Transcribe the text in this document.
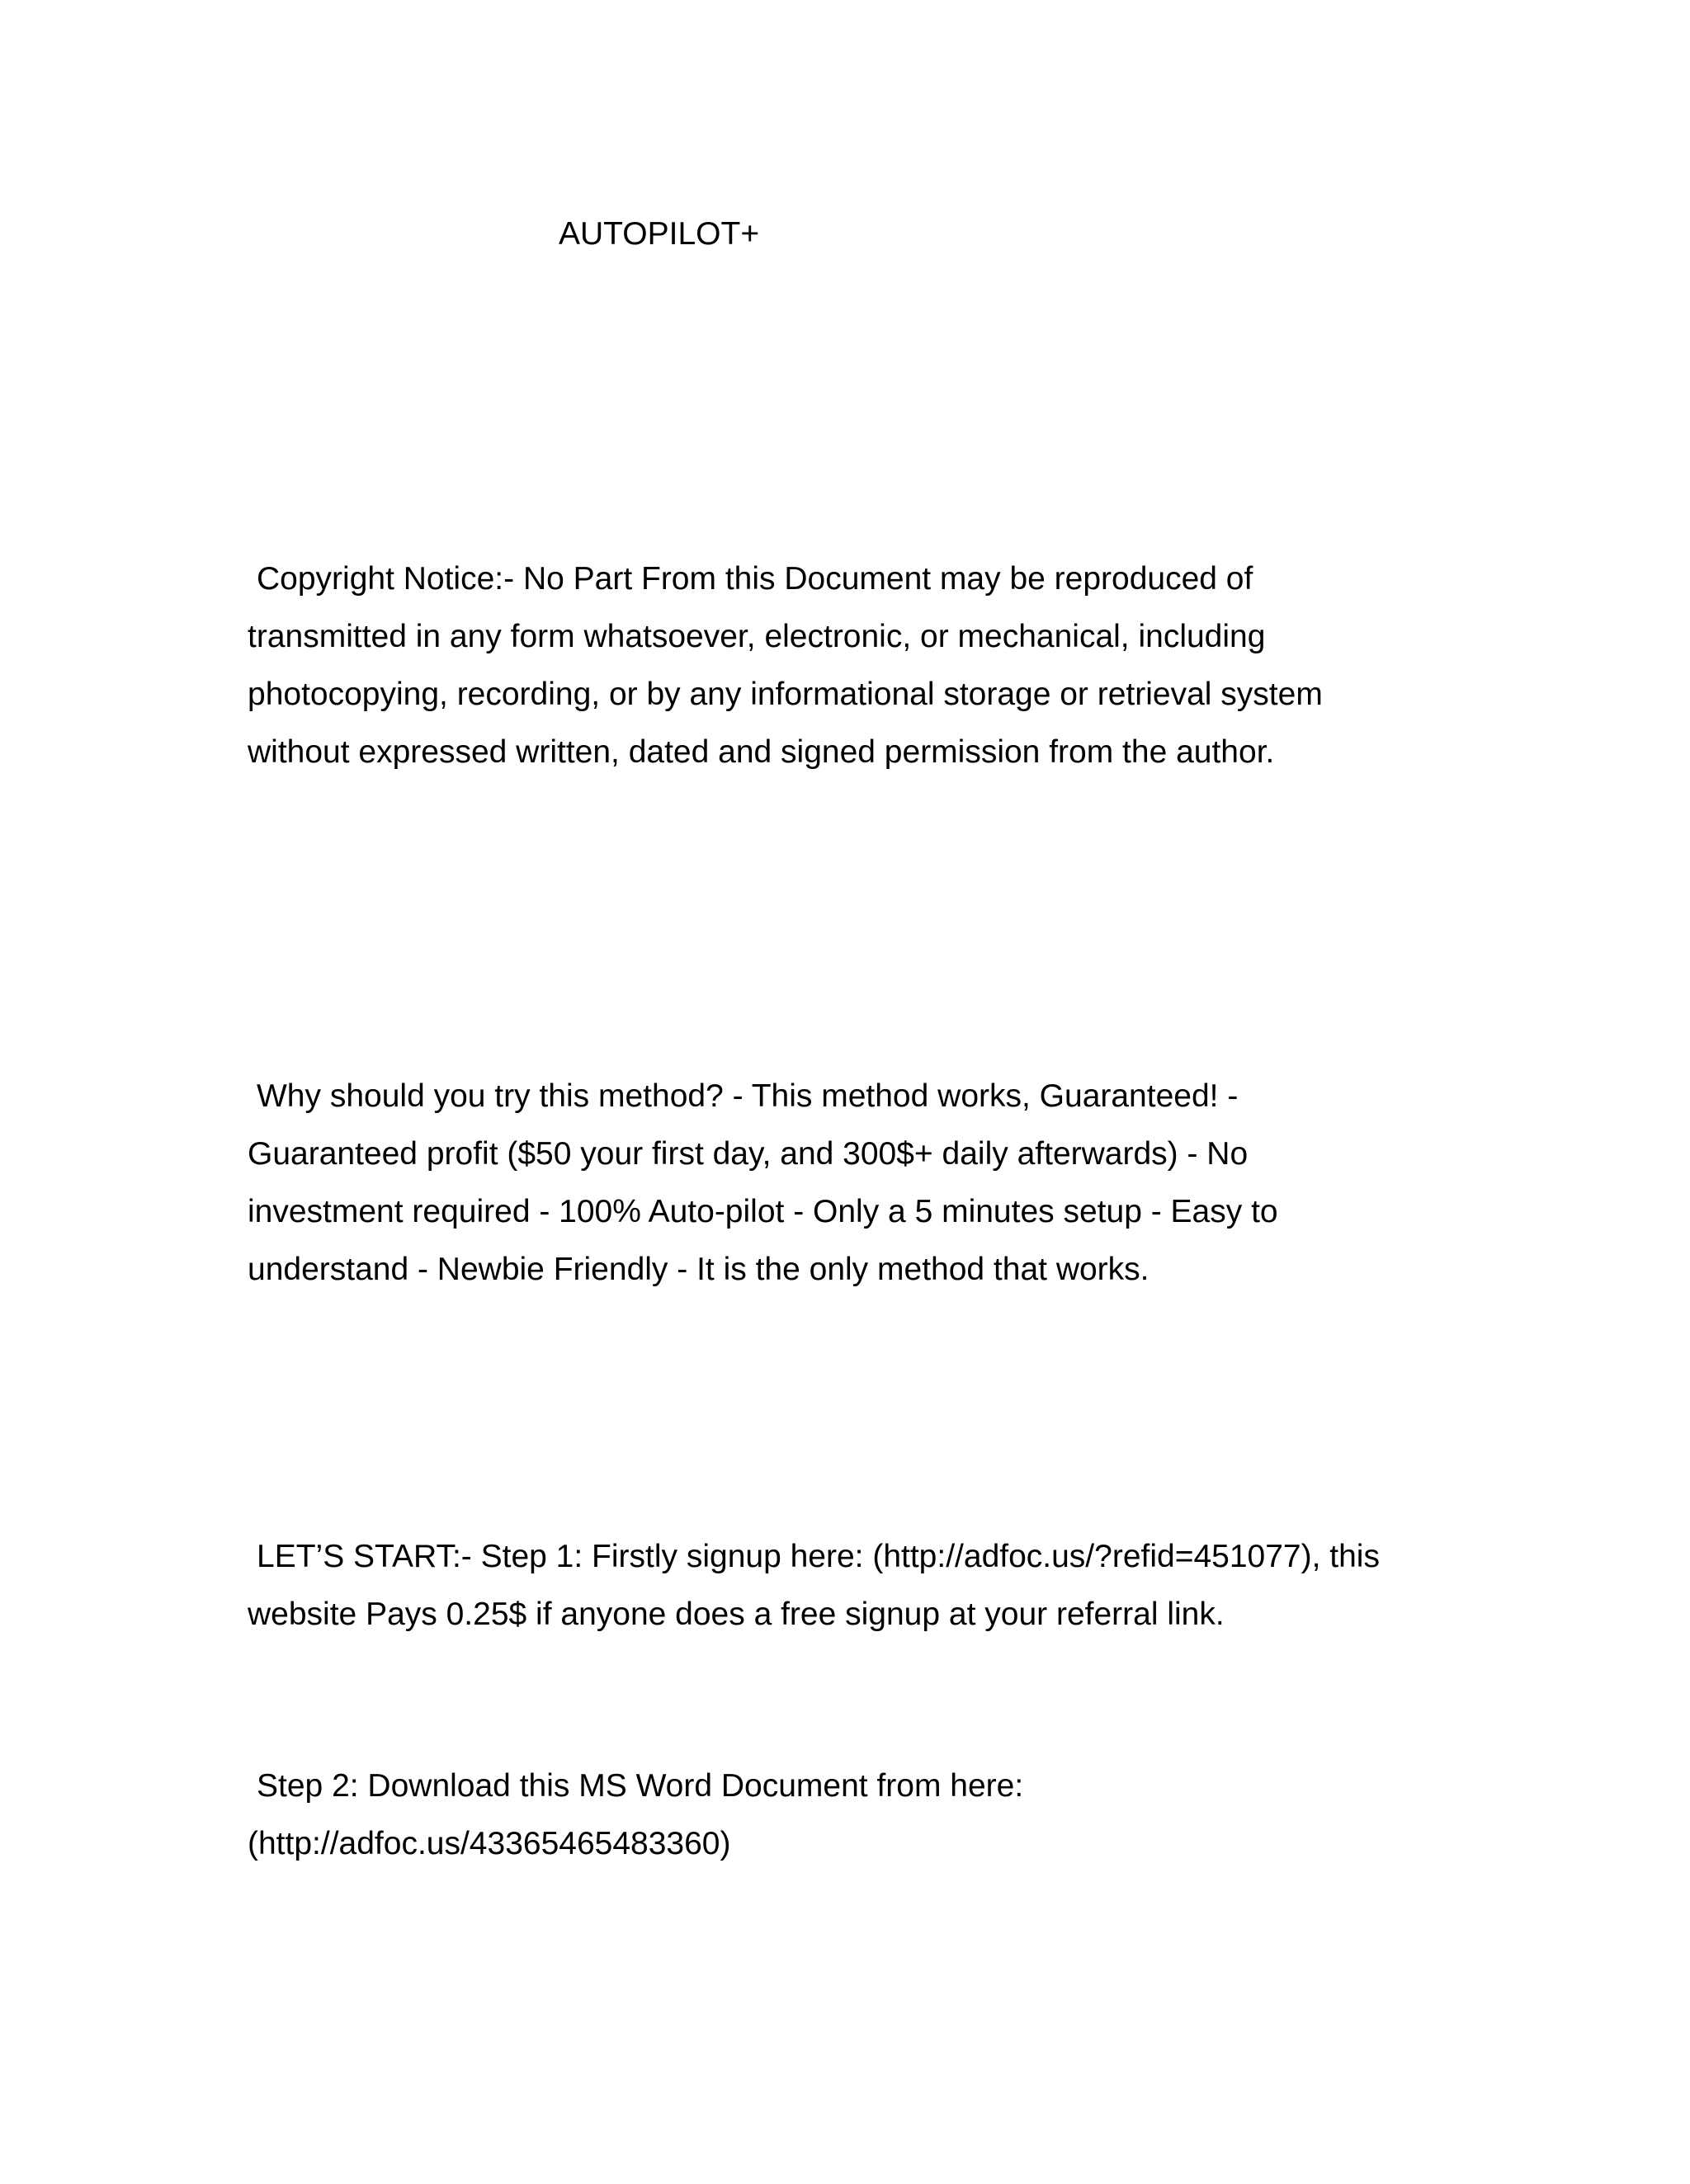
AUTOPILOT+

Copyright Notice:- No Part From this Document may be reproduced of
transmitted in any form whatsoever, electronic, or mechanical, including
photocopying, recording, or by any informational storage or retrieval system
without expressed written, dated and signed permission from the author.

Why should you try this method? - This method works, Guaranteed! -
Guaranteed profit ($50 your first day, and 300$+ daily afterwards) - No
investment required - 100% Auto-pilot - Only a 5 minutes setup - Easy to
understand - Newbie Friendly - It is the only method that works.

LET’S START:- Step 1: Firstly signup here: (http://adfoc.us/?refid=451077), this
website Pays 0.25$ if anyone does a free signup at your referral link.

Step 2: Download this MS Word Document from here:
(http://adfoc.us/43365465483360)
